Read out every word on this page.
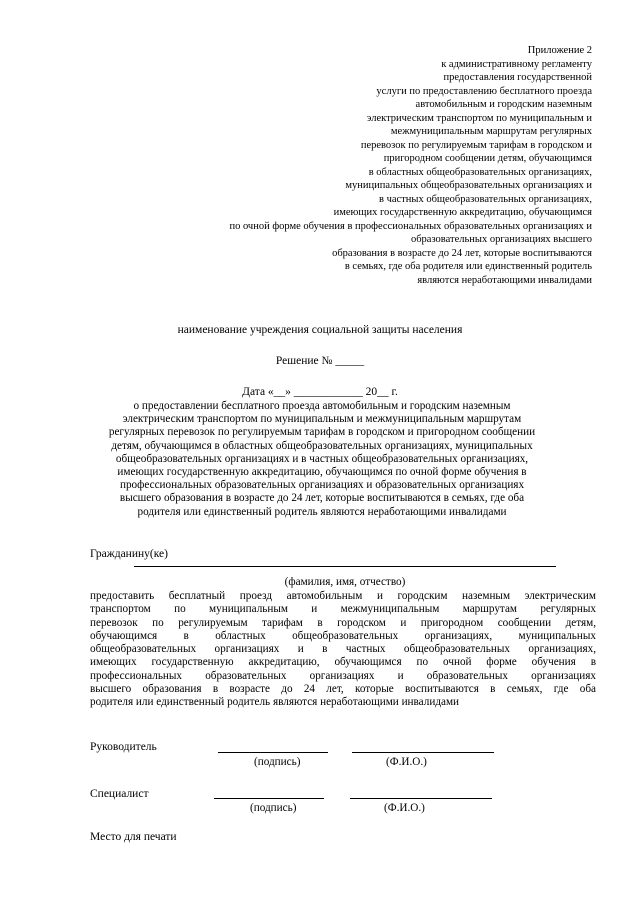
Приложение 2
к административному регламенту
предоставления государственной
услуги по предоставлению бесплатного проезда
автомобильным и городским наземным
электрическим транспортом по муниципальным и
межмуниципальным маршрутам регулярных
перевозок по регулируемым тарифам в городском и
пригородном сообщении детям, обучающимся
в областных общеобразовательных организациях,
муниципальных общеобразовательных организациях и
в частных общеобразовательных организациях,
имеющих государственную аккредитацию, обучающимся
по очной форме обучения в профессиональных образовательных организациях и
образовательных организациях высшего
образования в возрасте до 24 лет, которые воспитываются
в семьях, где оба родителя или единственный родитель
являются неработающими инвалидами
наименование учреждения социальной защиты населения
Решение № _____
Дата «__» ____________ 20__ г.
о предоставлении бесплатного проезда автомобильным и городским наземным
электрическим транспортом по муниципальным и межмуниципальным маршрутам
регулярных перевозок по регулируемым тарифам в городском и пригородном сообщении
детям, обучающимся в областных общеобразовательных организациях, муниципальных
общеобразовательных организациях и в частных общеобразовательных организациях,
имеющих государственную аккредитацию, обучающимся по очной форме обучения в
профессиональных образовательных организациях и образовательных организациях
высшего образования в возрасте до 24 лет, которые воспитываются в семьях, где оба
родителя или единственный родитель являются неработающими инвалидами
Гражданину(ке)
(фамилия, имя, отчество)
предоставить бесплатный проезд автомобильным и городским наземным электрическим
транспортом по муниципальным и межмуниципальным маршрутам регулярных
перевозок по регулируемым тарифам в городском и пригородном сообщении детям,
обучающимся в областных общеобразовательных организациях, муниципальных
общеобразовательных организациях и в частных общеобразовательных организациях,
имеющих государственную аккредитацию, обучающимся по очной форме обучения в
профессиональных образовательных организациях и образовательных организациях
высшего образования в возрасте до 24 лет, которые воспитываются в семьях, где оба
родителя или единственный родитель являются неработающими инвалидами
Руководитель
(подпись)	(Ф.И.О.)
Специалист
(подпись)	(Ф.И.О.)
Место для печати
